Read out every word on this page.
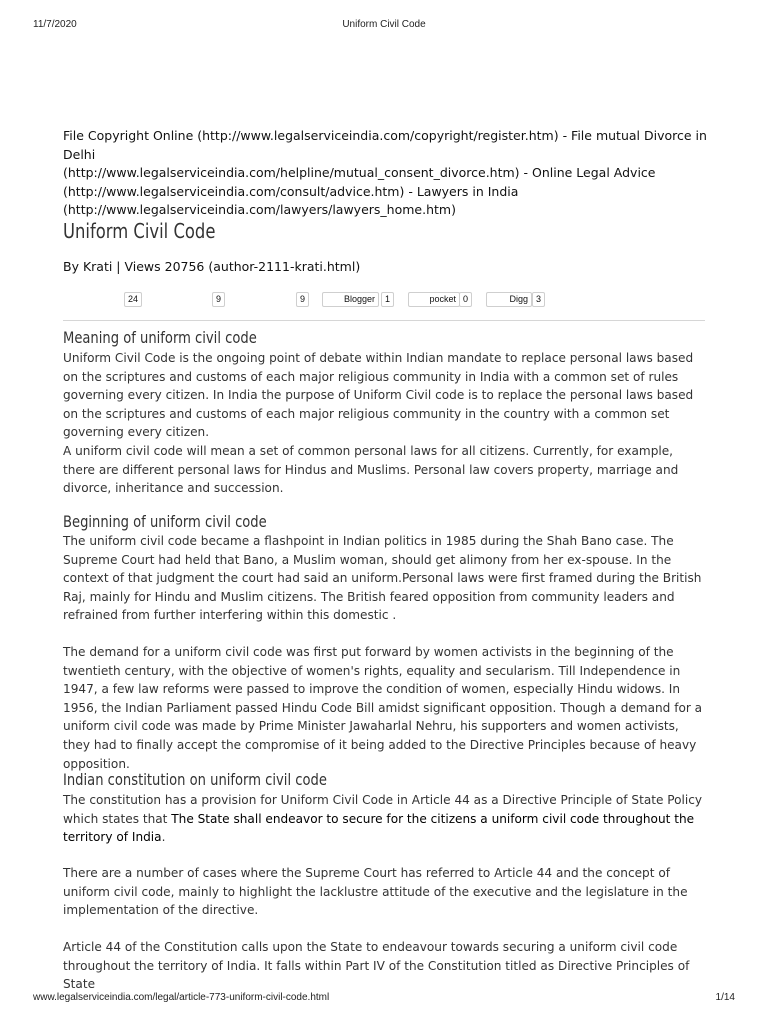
11/7/2020	Uniform Civil Code
File Copyright Online (http://www.legalserviceindia.com/copyright/register.htm) - File mutual Divorce in Delhi
(http://www.legalserviceindia.com/helpline/mutual_consent_divorce.htm) - Online Legal Advice
(http://www.legalserviceindia.com/consult/advice.htm) - Lawyers in India
(http://www.legalserviceindia.com/lawyers/lawyers_home.htm)
Uniform Civil Code
By Krati | Views 20756 (author-2111-krati.html)
24	9	9	Blogger	1	pocket 0	Digg 3
Meaning of uniform civil code
Uniform Civil Code is the ongoing point of debate within Indian mandate to replace personal laws based on the scriptures and customs of each major religious community in India with a common set of rules governing every citizen. In India the purpose of Uniform Civil code is to replace the personal laws based on the scriptures and customs of each major religious community in the country with a common set governing every citizen.
A uniform civil code will mean a set of common personal laws for all citizens. Currently, for example, there are different personal laws for Hindus and Muslims. Personal law covers property, marriage and divorce, inheritance and succession.
Beginning of uniform civil code
The uniform civil code became a flashpoint in Indian politics in 1985 during the Shah Bano case. The Supreme Court had held that Bano, a Muslim woman, should get alimony from her ex-spouse. In the context of that judgment the court had said an uniform.Personal laws were first framed during the British Raj, mainly for Hindu and Muslim citizens. The British feared opposition from community leaders and refrained from further interfering within this domestic .
The demand for a uniform civil code was first put forward by women activists in the beginning of the twentieth century, with the objective of women's rights, equality and secularism. Till Independence in 1947, a few law reforms were passed to improve the condition of women, especially Hindu widows. In 1956, the Indian Parliament passed Hindu Code Bill amidst significant opposition. Though a demand for a uniform civil code was made by Prime Minister Jawaharlal Nehru, his supporters and women activists, they had to finally accept the compromise of it being added to the Directive Principles because of heavy opposition.
Indian constitution on uniform civil code
The constitution has a provision for Uniform Civil Code in Article 44 as a Directive Principle of State Policy which states that The State shall endeavor to secure for the citizens a uniform civil code throughout the territory of India.
There are a number of cases where the Supreme Court has referred to Article 44 and the concept of uniform civil code, mainly to highlight the lacklustre attitude of the executive and the legislature in the implementation of the directive.
Article 44 of the Constitution calls upon the State to endeavour towards securing a uniform civil code throughout the territory of India. It falls within Part IV of the Constitution titled as Directive Principles of State
www.legalserviceindia.com/legal/article-773-uniform-civil-code.html	1/14
